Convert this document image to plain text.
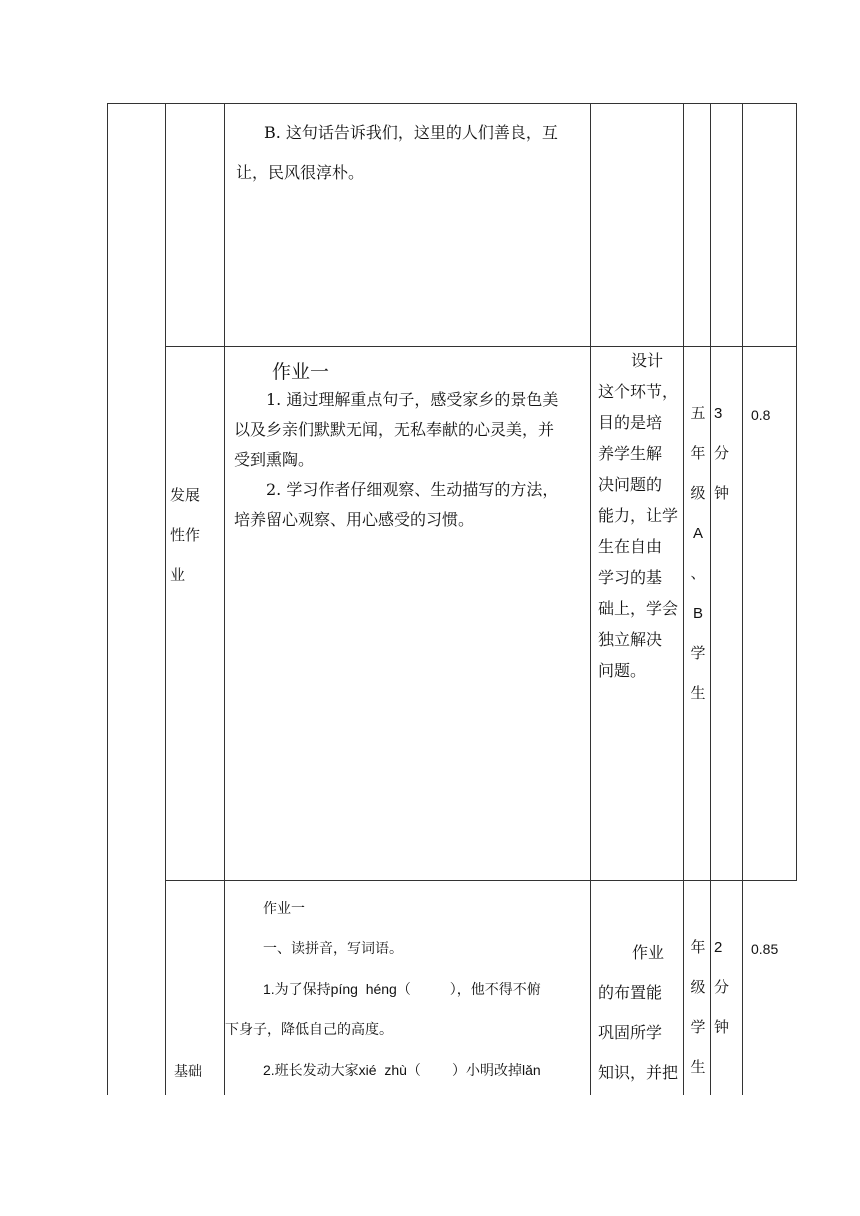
B. 这句话告诉我们，这里的人们善良，互
让，民风很淳朴。
发展
性作
业
作业一
1. 通过理解重点句子，感受家乡的景色美
以及乡亲们默默无闻，无私奉献的心灵美，并
受到熏陶。
2. 学习作者仔细观察、生动描写的方法，
培养留心观察、用心感受的习惯。
设计
这个环节，
目的是培
养学生解
决问题的
能力，让学
生在自由
学习的基
础上，学会
独立解决
问题。
五
年
级
A
、
B
学
生
3
分
钟
0.8
基础
作业一
一、读拼音，写词语。
1.为了保持píng  héng（          ），他不得不俯
下身子，降低自己的高度。
2.班长发动大家xié  zhù（        ）小明改掉lǎn
作业
的布置能
巩固所学
知识，并把
年
级
学
生
2
分
钟
0.85
